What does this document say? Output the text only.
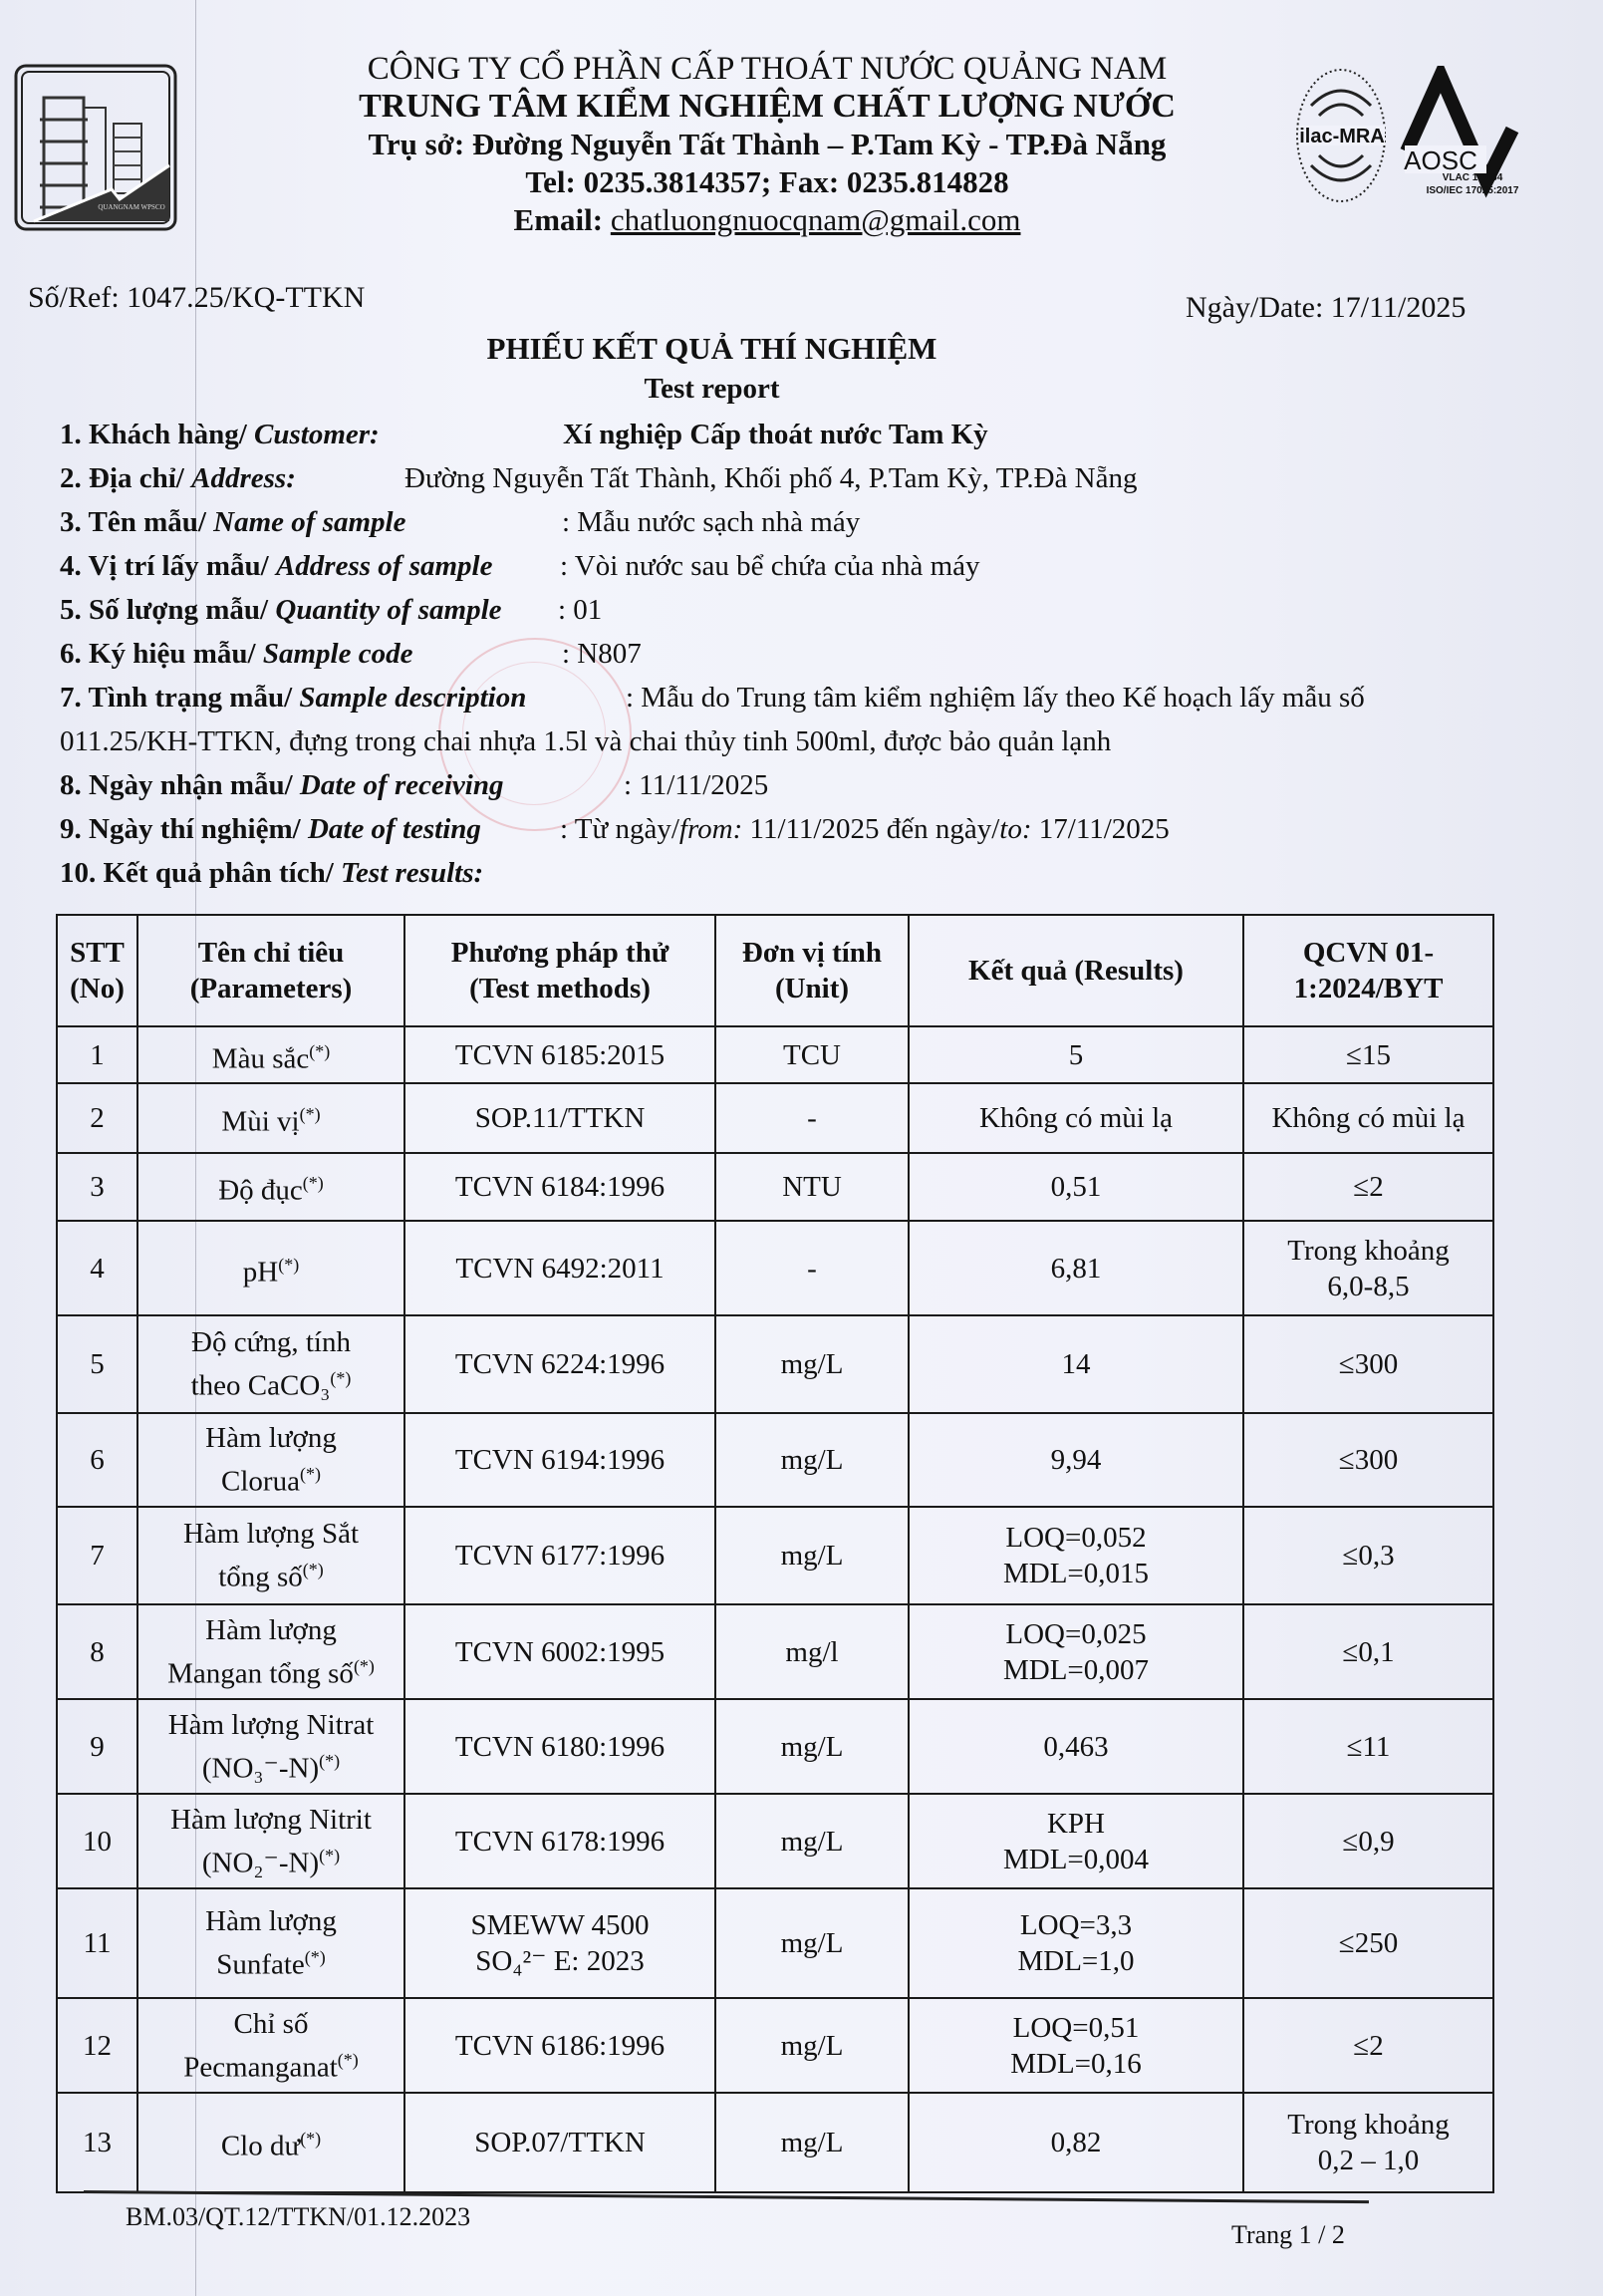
QUANGNAM WPSCO
CÔNG TY CỔ PHẦN CẤP THOÁT NƯỚC QUẢNG NAM
TRUNG TÂM KIỂM NGHIỆM CHẤT LƯỢNG NƯỚC
Trụ sở: Đường Nguyễn Tất Thành – P.Tam Kỳ - TP.Đà Nẵng
Tel: 0235.3814357; Fax: 0235.814828
Email: chatluongnuocqnam@gmail.com
ilac-MRA
AOSC
VLAC 1.0164
ISO/IEC 17025:2017
Số/Ref: 1047.25/KQ-TTKN	Ngày/Date: 17/11/2025
PHIẾU KẾT QUẢ THÍ NGHIỆM
Test report
1. Khách hàng/ Customer:	Xí nghiệp Cấp thoát nước Tam Kỳ
2. Địa chỉ/ Address:	Đường Nguyễn Tất Thành, Khối phố 4, P.Tam Kỳ, TP.Đà Nẵng
3. Tên mẫu/ Name of sample	: Mẫu nước sạch nhà máy
4. Vị trí lấy mẫu/ Address of sample : Vòi nước sau bể chứa của nhà máy
5. Số lượng mẫu/ Quantity of sample : 01
6. Ký hiệu mẫu/ Sample code	: N807
7. Tình trạng mẫu/ Sample description	: Mẫu do Trung tâm kiểm nghiệm lấy theo Kế hoạch lấy mẫu số
011.25/KH-TTKN, đựng trong chai nhựa 1.5l và chai thủy tinh 500ml, được bảo quản lạnh
8. Ngày nhận mẫu/ Date of receiving	: 11/11/2025
9. Ngày thí nghiệm/ Date of testing	: Từ ngày/from: 11/11/2025 đến ngày/to: 17/11/2025
10. Kết quả phân tích/ Test results:
STT
(No)	Tên chỉ tiêu
(Parameters)	Phương pháp thử
(Test methods)	Đơn vị tính
(Unit)	Kết quả (Results)	QCVN 01-
1:2024/BYT
1	Màu sắc(*)	TCVN 6185:2015	TCU	5	≤15
2	Mùi vị(*)	SOP.11/TTKN	-	Không có mùi lạ	Không có mùi lạ
3	Độ đục(*)	TCVN 6184:1996	NTU	0,51	≤2
4	pH(*)	TCVN 6492:2011	-	6,81	Trong khoảng
6,0-8,5
5	Độ cứng, tính
theo CaCO₃(*)	TCVN 6224:1996	mg/L	14	≤300
6	Hàm lượng
Clorua(*)	TCVN 6194:1996	mg/L	9,94	≤300
7	Hàm lượng Sắt
tổng số(*)	TCVN 6177:1996	mg/L	LOQ=0,052
MDL=0,015	≤0,3
8	Hàm lượng
Mangan tổng số(*)	TCVN 6002:1995	mg/l	LOQ=0,025
MDL=0,007	≤0,1
9	Hàm lượng Nitrat
(NO₃⁻-N)(*)	TCVN 6180:1996	mg/L	0,463	≤11
10	Hàm lượng Nitrit
(NO₂⁻-N)(*)	TCVN 6178:1996	mg/L	KPH
MDL=0,004	≤0,9
11	Hàm lượng
Sunfate(*)	SMEWW 4500
SO₄²⁻ E: 2023	mg/L	LOQ=3,3
MDL=1,0	≤250
12	Chỉ số
Pecmanganat(*)	TCVN 6186:1996	mg/L	LOQ=0,51
MDL=0,16	≤2
13	Clo dư(*)	SOP.07/TTKN	mg/L	0,82	Trong khoảng
0,2 – 1,0
BM.03/QT.12/TTKN/01.12.2023
Trang 1 / 2
